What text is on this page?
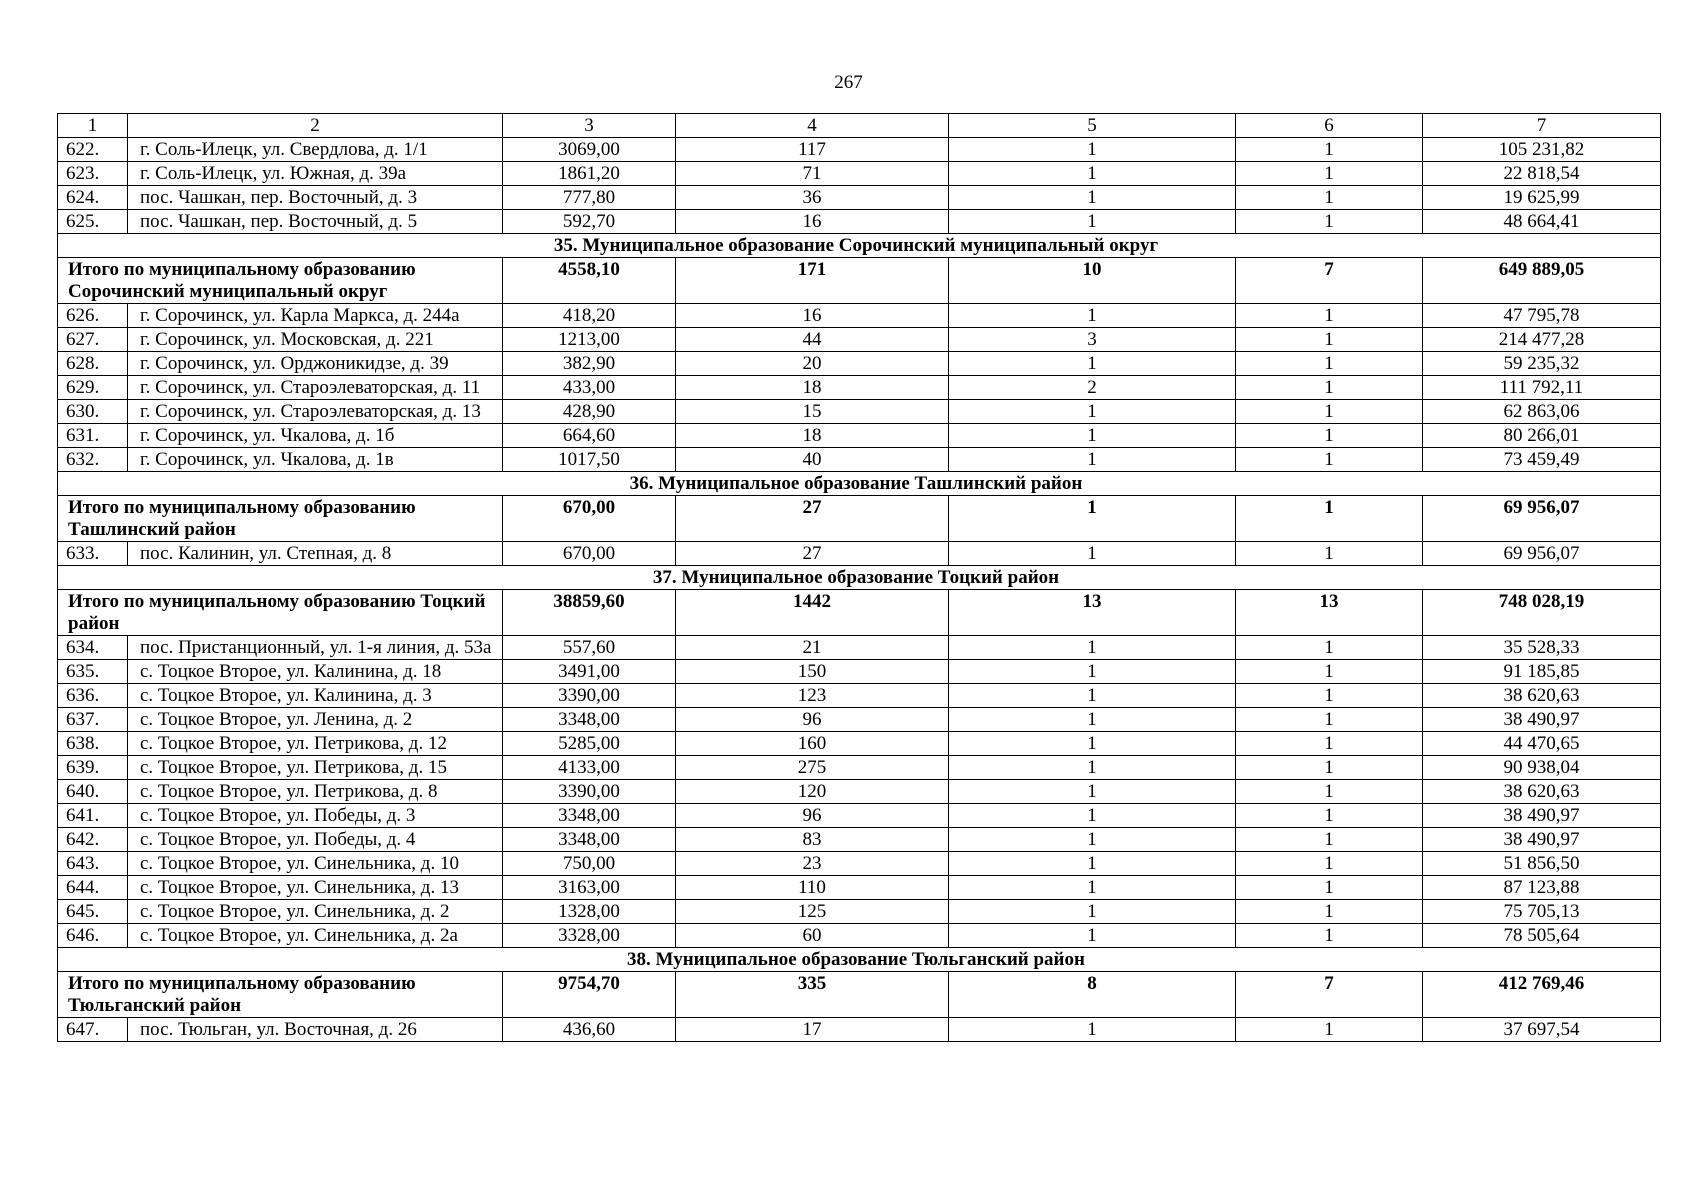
267
1	2	3	4	5	6	7
622.	г. Соль-Илецк, ул. Свердлова, д. 1/1	3069,00	117	1	1	105 231,82
623.	г. Соль-Илецк, ул. Южная, д. 39а	1861,20	71	1	1	22 818,54
624.	пос. Чашкан, пер. Восточный, д. 3	777,80	36	1	1	19 625,99
625.	пос. Чашкан, пер. Восточный, д. 5	592,70	16	1	1	48 664,41
35. Муниципальное образование Сорочинский муниципальный округ						
Итого по муниципальному образованию Сорочинский муниципальный округ		4558,10	171	10	7	649 889,05
626.	г. Сорочинск, ул. Карла Маркса, д. 244а	418,20	16	1	1	47 795,78
627.	г. Сорочинск, ул. Московская, д. 221	1213,00	44	3	1	214 477,28
628.	г. Сорочинск, ул. Орджоникидзе, д. 39	382,90	20	1	1	59 235,32
629.	г. Сорочинск, ул. Староэлеваторская, д. 11	433,00	18	2	1	111 792,11
630.	г. Сорочинск, ул. Староэлеваторская, д. 13	428,90	15	1	1	62 863,06
631.	г. Сорочинск, ул. Чкалова, д. 1б	664,60	18	1	1	80 266,01
632.	г. Сорочинск, ул. Чкалова, д. 1в	1017,50	40	1	1	73 459,49
36. Муниципальное образование Ташлинский район						
Итого по муниципальному образованию Ташлинский район		670,00	27	1	1	69 956,07
633.	пос. Калинин, ул. Степная, д. 8	670,00	27	1	1	69 956,07
37. Муниципальное образование Тоцкий район						
Итого по муниципальному образованию Тоцкий район		38859,60	1442	13	13	748 028,19
634.	пос. Пристанционный, ул. 1-я линия, д. 53а	557,60	21	1	1	35 528,33
635.	с. Тоцкое Второе, ул. Калинина, д. 18	3491,00	150	1	1	91 185,85
636.	с. Тоцкое Второе, ул. Калинина, д. 3	3390,00	123	1	1	38 620,63
637.	с. Тоцкое Второе, ул. Ленина, д. 2	3348,00	96	1	1	38 490,97
638.	с. Тоцкое Второе, ул. Петрикова, д. 12	5285,00	160	1	1	44 470,65
639.	с. Тоцкое Второе, ул. Петрикова, д. 15	4133,00	275	1	1	90 938,04
640.	с. Тоцкое Второе, ул. Петрикова, д. 8	3390,00	120	1	1	38 620,63
641.	с. Тоцкое Второе, ул. Победы, д. 3	3348,00	96	1	1	38 490,97
642.	с. Тоцкое Второе, ул. Победы, д. 4	3348,00	83	1	1	38 490,97
643.	с. Тоцкое Второе, ул. Синельника, д. 10	750,00	23	1	1	51 856,50
644.	с. Тоцкое Второе, ул. Синельника, д. 13	3163,00	110	1	1	87 123,88
645.	с. Тоцкое Второе, ул. Синельника, д. 2	1328,00	125	1	1	75 705,13
646.	с. Тоцкое Второе, ул. Синельника, д. 2а	3328,00	60	1	1	78 505,64
38. Муниципальное образование Тюльганский район						
Итого по муниципальному образованию Тюльганский район		9754,70	335	8	7	412 769,46
647.	пос. Тюльган, ул. Восточная, д. 26	436,60	17	1	1	37 697,54
